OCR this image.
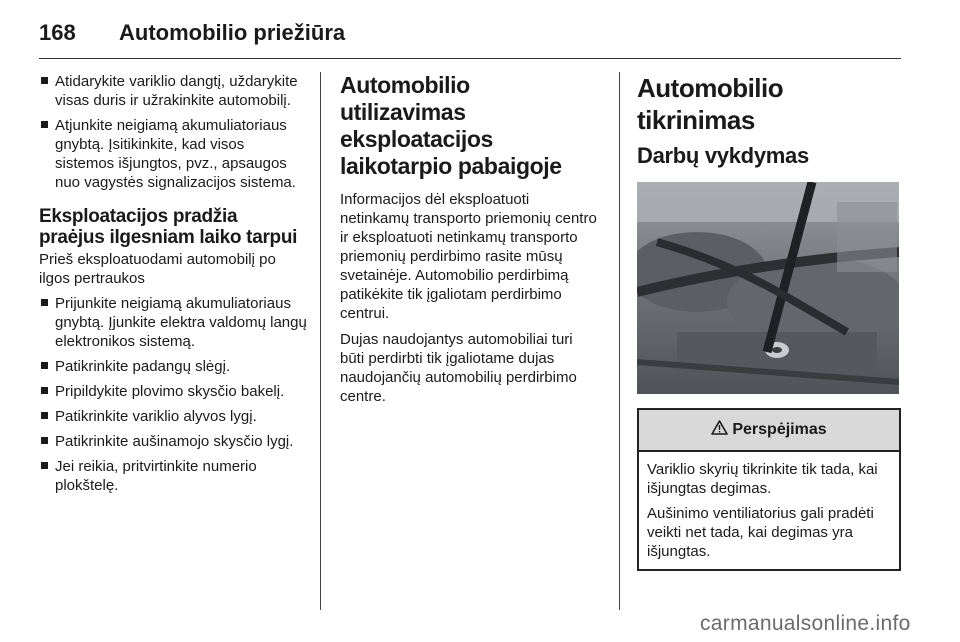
168 Automobilio priežiūra
Atidarykite variklio dangtį, uždarykite visas duris ir užrakinkite automobilį.
Atjunkite neigiamą akumuliatoriaus gnybtą. Įsitikinkite, kad visos sistemos išjungtos, pvz., apsaugos nuo vagystės signalizacijos sistema.
Eksploatacijos pradžia praėjus ilgesniam laiko tarpui

Prieš eksploatuodami automobilį po ilgos pertraukos

Prijunkite neigiamą akumuliatoriaus gnybtą. Įjunkite elektra valdomų langų elektronikos sistemą.
Patikrinkite padangų slėgį.
Pripildykite plovimo skysčio bakelį.
Patikrinkite variklio alyvos lygį.
Patikrinkite aušinamojo skysčio lygį.
Jei reikia, pritvirtinkite numerio plokštelę.
Automobilio utilizavimas eksploatacijos laikotarpio pabaigoje

Informacijos dėl eksploatuoti netinkamų transporto priemonių centro ir eksploatuoti netinkamų transporto priemonių perdirbimo rasite mūsų svetainėje. Automobilio perdirbimą patikėkite tik įgaliotam perdirbimo centrui.

Dujas naudojantys automobiliai turi būti perdirbti tik įgaliotame dujas naudojančių automobilių perdirbimo centre.

Automobilio tikrinimas
Darbų vykdymas
Perspėjimas

Variklio skyrių tikrinkite tik tada, kai išjungtas degimas.

Aušinimo ventiliatorius gali pradėti veikti net tada, kai degimas yra išjungtas.

carmanualsonline.info
